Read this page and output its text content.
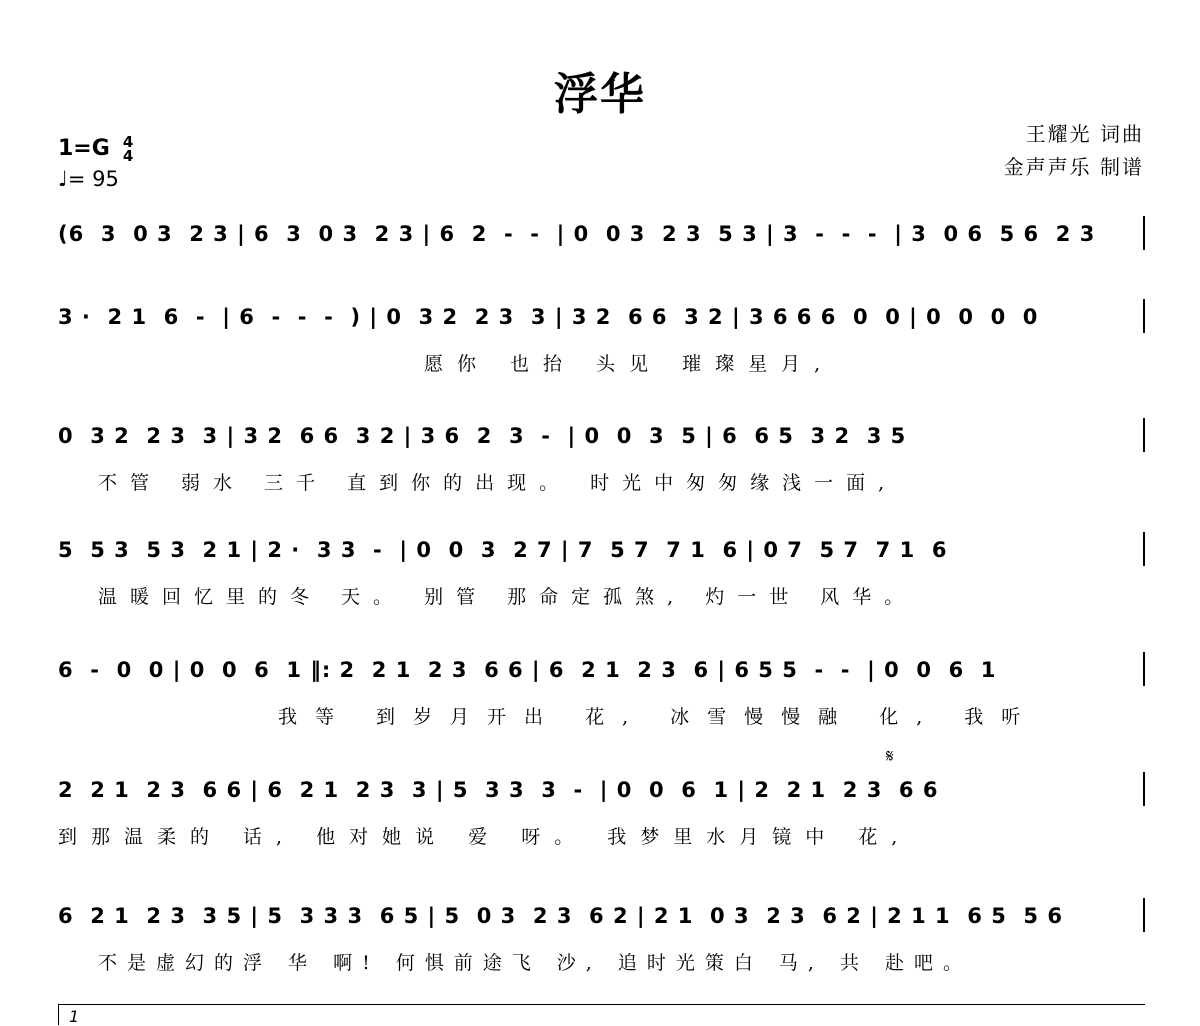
浮华
1=G 4
4
♩= 95
王耀光 词曲
金声声乐 制谱
(6  3  0 3  2 3 | 6  3  0 3  2 3 | 6  2  -  -  | 0  0 3  2 3  5 3 | 3  -  -  -  | 3  0 6  5 6  2 3
3 ·  2 1  6  -  | 6  -  -  -  ) | 0  3 2  2 3  3 | 3 2  6 6  3 2 | 3 6 6 6  0  0 | 0  0  0  0
愿你 也抬 头见 璀璨星月,
0  3 2  2 3  3 | 3 2  6 6  3 2 | 3 6  2  3  -  | 0  0  3  5 | 6  6 5  3 2  3 5
不管 弱水 三千 直到你的出现。 时光中匆匆缘浅一面,
5  5 3  5 3  2 1 | 2 ·  3 3  -  | 0  0  3  2 7 | 7  5 7  7 1  6 | 0 7  5 7  7 1  6
温暖回忆里的冬 天。 别管 那命定孤煞, 灼一世 风华。
6  -  0  0 | 0  0  6  1 ‖: 2  2 1  2 3  6 6 | 6  2 1  2 3  6 | 6 5 5  -  -  | 0  0  6  1
我等 到岁月开出 花, 冰雪慢慢融 化, 我听
𝄋
2  2 1  2 3  6 6 | 6  2 1  2 3  3 | 5  3 3  3  -  | 0  0  6  1 | 2  2 1  2 3  6 6
到那温柔的 话, 他对她说 爱 呀。 我梦里水月镜中 花,
6  2 1  2 3  3 5 | 5  3 3 3  6 5 | 5  0 3  2 3  6 2 | 2 1  0 3  2 3  6 2 | 2 1 1  6 5  5 6
不是虚幻的浮 华 啊! 何惧前途飞 沙, 追时光策白 马, 共 赴吧。
1
